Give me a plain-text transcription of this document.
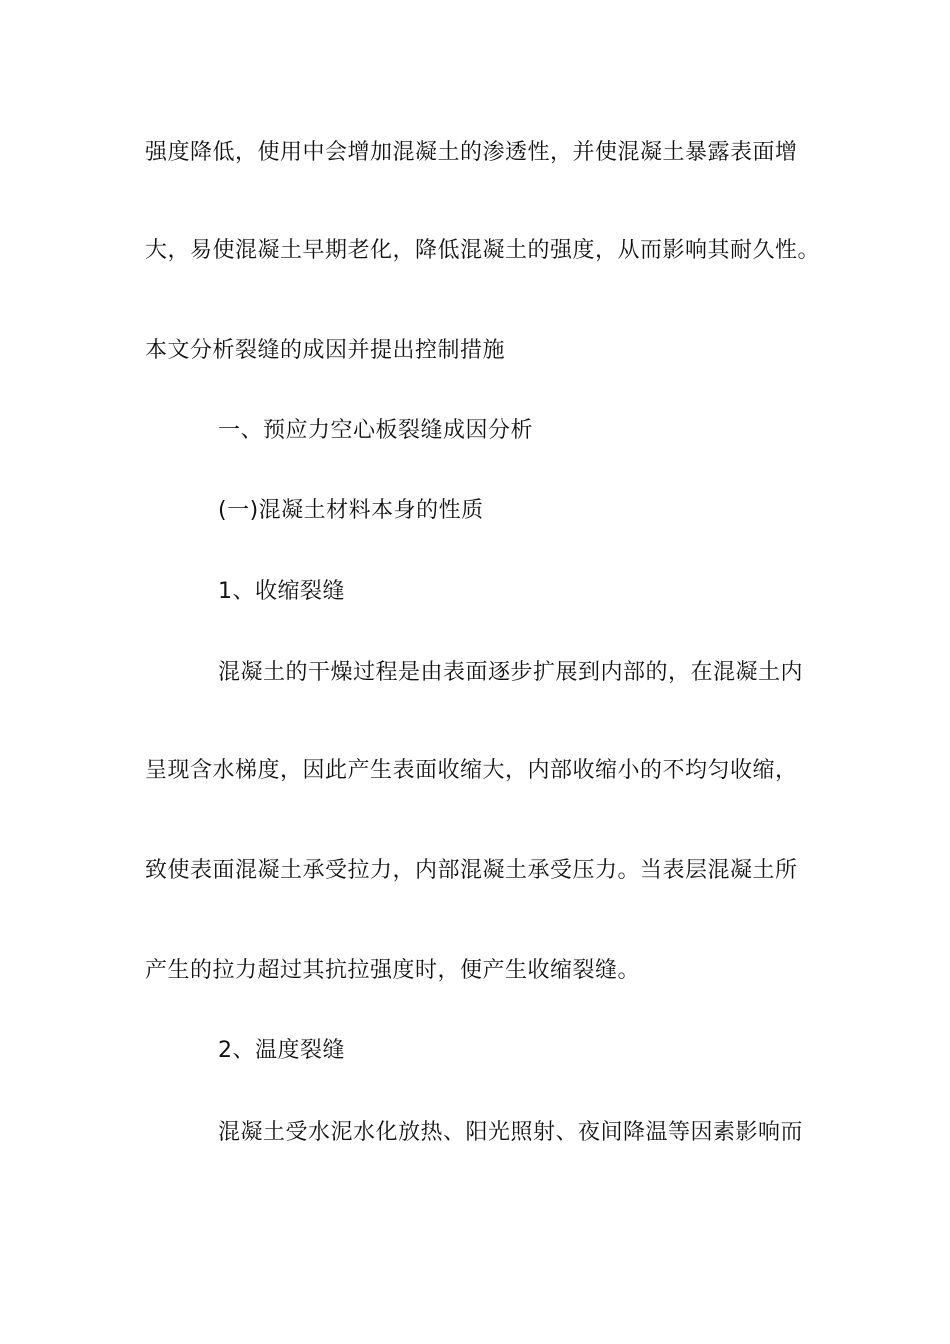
强度降低，使用中会增加混凝土的渗透性，并使混凝土暴露表面增
大，易使混凝土早期老化，降低混凝土的强度，从而影响其耐久性。
本文分析裂缝的成因并提出控制措施
一、预应力空心板裂缝成因分析
(一)混凝土材料本身的性质
1、收缩裂缝
混凝土的干燥过程是由表面逐步扩展到内部的，在混凝土内
呈现含水梯度，因此产生表面收缩大，内部收缩小的不均匀收缩，
致使表面混凝土承受拉力，内部混凝土承受压力。当表层混凝土所
产生的拉力超过其抗拉强度时，便产生收缩裂缝。
2、温度裂缝
混凝土受水泥水化放热、阳光照射、夜间降温等因素影响而
